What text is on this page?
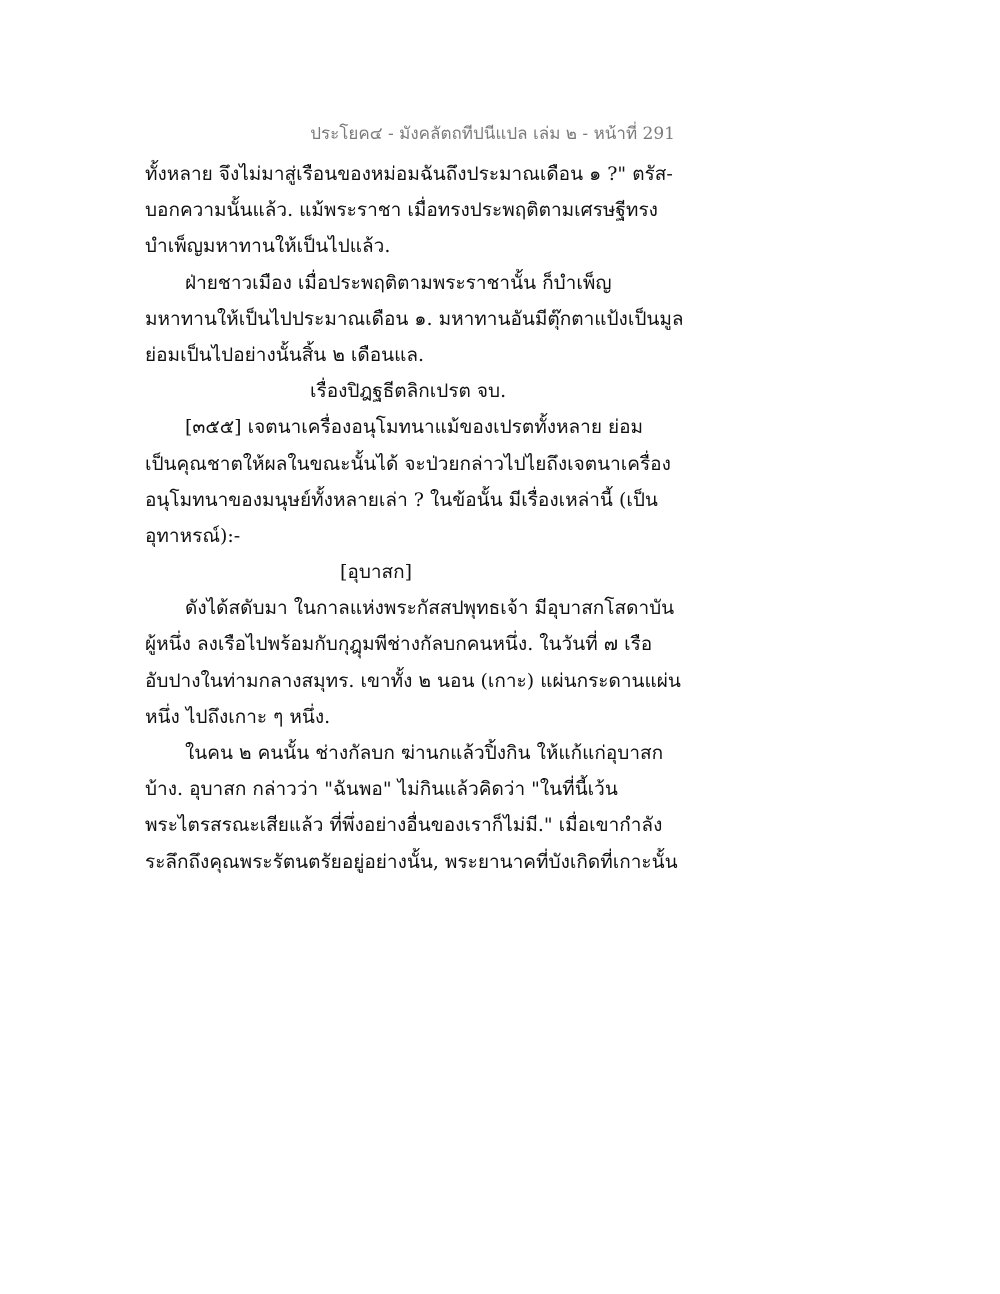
ประโยค๔ - มังคลัตถทีปนีแปล เล่ม ๒ - หน้าที่ 291
ทั้งหลาย จึงไม่มาสู่เรือนของหม่อมฉันถึงประมาณเดือน ๑ ?" ตรัส-
บอกความนั้นแล้ว. แม้พระราชา เมื่อทรงประพฤติตามเศรษฐีทรง
บำเพ็ญมหาทานให้เป็นไปแล้ว.
ฝ่ายชาวเมือง เมื่อประพฤติตามพระราชานั้น ก็บำเพ็ญ
มหาทานให้เป็นไปประมาณเดือน ๑. มหาทานอันมีตุ๊กตาแป้งเป็นมูล
ย่อมเป็นไปอย่างนั้นสิ้น ๒ เดือนแล.
เรื่องปิฎฐธีตลิกเปรต จบ.
[๓๕๕] เจตนาเครื่องอนุโมทนาแม้ของเปรตทั้งหลาย ย่อม
เป็นคุณชาตให้ผลในขณะนั้นได้ จะป่วยกล่าวไปไยถึงเจตนาเครื่อง
อนุโมทนาของมนุษย์ทั้งหลายเล่า ? ในข้อนั้น มีเรื่องเหล่านี้ (เป็น
อุทาหรณ์):-
[อุบาสก]
ดังได้สดับมา ในกาลแห่งพระกัสสปพุทธเจ้า มีอุบาสกโสดาบัน
ผู้หนึ่ง ลงเรือไปพร้อมกับกุฎุมพีช่างกัลบกคนหนึ่ง. ในวันที่ ๗ เรือ
อับปางในท่ามกลางสมุทร. เขาทั้ง ๒ นอน (เกาะ) แผ่นกระดานแผ่น
หนึ่ง ไปถึงเกาะ ๆ หนึ่ง.
ในคน ๒ คนนั้น ช่างกัลบก ฆ่านกแล้วปิ้งกิน ให้แก้แก่อุบาสก
บ้าง. อุบาสก กล่าวว่า "ฉันพอ" ไม่กินแล้วคิดว่า "ในที่นี้เว้น
พระไตรสรณะเสียแล้ว ที่พึ่งอย่างอื่นของเราก็ไม่มี." เมื่อเขากำลัง
ระลึกถึงคุณพระรัตนตรัยอยู่อย่างนั้น, พระยานาคที่บังเกิดที่เกาะนั้น
